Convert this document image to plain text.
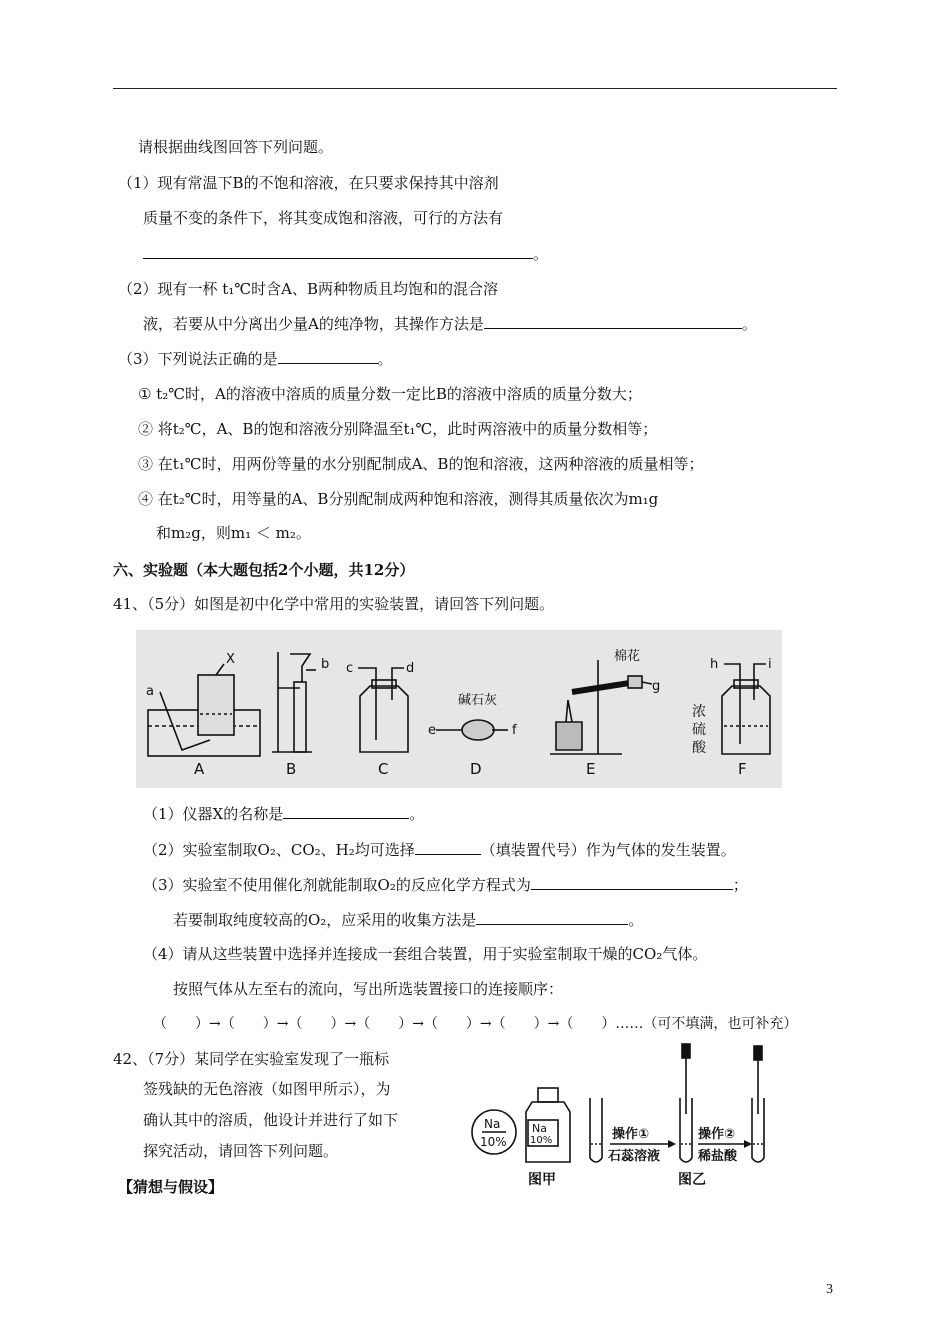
请根据曲线图回答下列问题。
（1）现有常温下B的不饱和溶液，在只要求保持其中溶剂
质量不变的条件下，将其变成饱和溶液，可行的方法有
。
（2）现有一杯 t₁℃时含A、B两种物质且均饱和的混合溶
液，若要从中分离出少量A的纯净物，其操作方法是	。
（3）下列说法正确的是	。
① t₂℃时，A的溶液中溶质的质量分数一定比B的溶液中溶质的质量分数大；
② 将t₂℃，A、B的饱和溶液分别降温至t₁℃，此时两溶液中的质量分数相等；
③ 在t₁℃时，用两份等量的水分别配制成A、B的饱和溶液，这两种溶液的质量相等；
④ 在t₂℃时，用等量的A、B分别配制成两种饱和溶液，测得其质量依次为m₁g
和m₂g，则m₁ ＜ m₂。
六、实验题（本大题包括2个小题，共12分）
41、（5分）如图是初中化学中常用的实验装置，请回答下列问题。
X
a
A
b
B
c	d
C
碱石灰
e	f
D
棉花
g
E
h	i
浓
硫
酸
F
（1）仪器X的名称是	。
（2）实验室制取O₂、CO₂、H₂均可选择	（填装置代号）作为气体的发生装置。
（3）实验室不使用催化剂就能制取O₂的反应化学方程式为	；
若要制取纯度较高的O₂，应采用的收集方法是	。
（4）请从这些装置中选择并连接成一套组合装置，用于实验室制取干燥的CO₂气体。
按照气体从左至右的流向，写出所选装置接口的连接顺序：
（　　）→（　　）→（　　）→（　　）→（　　）→（　　）→（　　）……（可不填满，也可补充）
42、（7分）某同学在实验室发现了一瓶标
签残缺的无色溶液（如图甲所示），为
确认其中的溶质，他设计并进行了如下
探究活动，请回答下列问题。
【猜想与假设】
Na
10%
Na
10%
图甲
操作①
石蕊溶液
操作②
稀盐酸
图乙
3
